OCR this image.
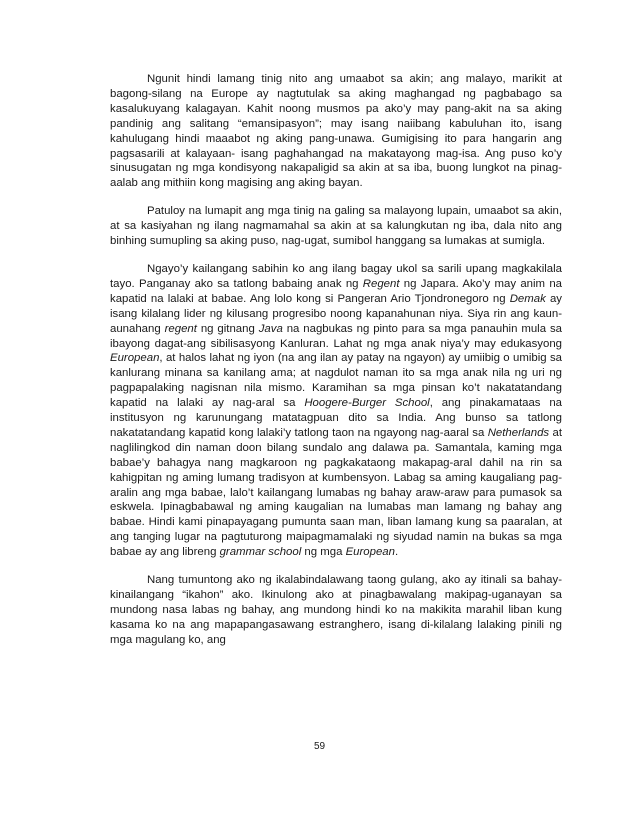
Ngunit hindi lamang tinig nito ang umaabot sa akin; ang malayo, marikit at bagong-silang na Europe ay nagtutulak sa aking maghangad ng pagbabago sa kasalukuyang kalagayan. Kahit noong musmos pa ako’y may pang-akit na sa aking pandinig ang salitang “emansipasyon”; may isang naiibang kabuluhan ito, isang kahulugang hindi maaabot ng aking pang-unawa. Gumigising ito para hangarin ang pagsasarili at kalayaan- isang paghahangad na makatayong mag-isa. Ang puso ko’y sinusugatan ng mga kondisyong nakapaligid sa akin at sa iba, buong lungkot na pinag-aalab ang mithiin kong magising ang aking bayan.

Patuloy na lumapit ang mga tinig na galing sa malayong lupain, umaabot sa akin, at sa kasiyahan ng ilang nagmamahal sa akin at sa kalungkutan ng iba, dala nito ang binhing sumupling sa aking puso, nag-ugat, sumibol hanggang sa lumakas at sumigla.

Ngayo’y kailangang sabihin ko ang ilang bagay ukol sa sarili upang magkakilala tayo. Panganay ako sa tatlong babaing anak ng Regent ng Japara. Ako’y may anim na kapatid na lalaki at babae. Ang lolo kong si Pangeran Ario Tjondronegoro ng Demak ay isang kilalang lider ng kilusang progresibo noong kapanahunan niya. Siya rin ang kaun-aunahang regent ng gitnang Java na nagbukas ng pinto para sa mga panauhin mula sa ibayong dagat-ang sibilisasyong Kanluran. Lahat ng mga anak niya’y may edukasyong European, at halos lahat ng iyon (na ang ilan ay patay na ngayon) ay umiibig o umibig sa kanlurang minana sa kanilang ama; at nagdulot naman ito sa mga anak nila ng uri ng pagpapalaking nagisnan nila mismo. Karamihan sa mga pinsan ko’t nakatatandang kapatid na lalaki ay nag-aral sa Hoogere-Burger School, ang pinakamataas na institusyon ng karunungang matatagpuan dito sa India. Ang bunso sa tatlong nakatatandang kapatid kong lalaki’y tatlong taon na ngayong nag-aaral sa Netherlands at naglilingkod din naman doon bilang sundalo ang dalawa pa. Samantala, kaming mga babae’y bahagya nang magkaroon ng pagkakataong makapag-aral dahil na rin sa kahigpitan ng aming lumang tradisyon at kumbensyon. Labag sa aming kaugaliang pag-aralin ang mga babae, lalo’t kailangang lumabas ng bahay araw-araw para pumasok sa eskwela. Ipinagbabawal ng aming kaugalian na lumabas man lamang ng bahay ang babae. Hindi kami pinapayagang pumunta saan man, liban lamang kung sa paaralan, at ang tanging lugar na pagtuturong maipagmamalaki ng siyudad namin na bukas sa mga babae ay ang libreng grammar school ng mga European.

Nang tumuntong ako ng ikalabindalawang taong gulang, ako ay itinali sa bahay-kinailangang “ikahon” ako. Ikinulong ako at pinagbawalang makipag-uganayan sa mundong nasa labas ng bahay, ang mundong hindi ko na makikita marahil liban kung kasama ko na ang mapapangasawang estranghero, isang di-kilalang lalaking pinili ng mga magulang ko, ang

59
